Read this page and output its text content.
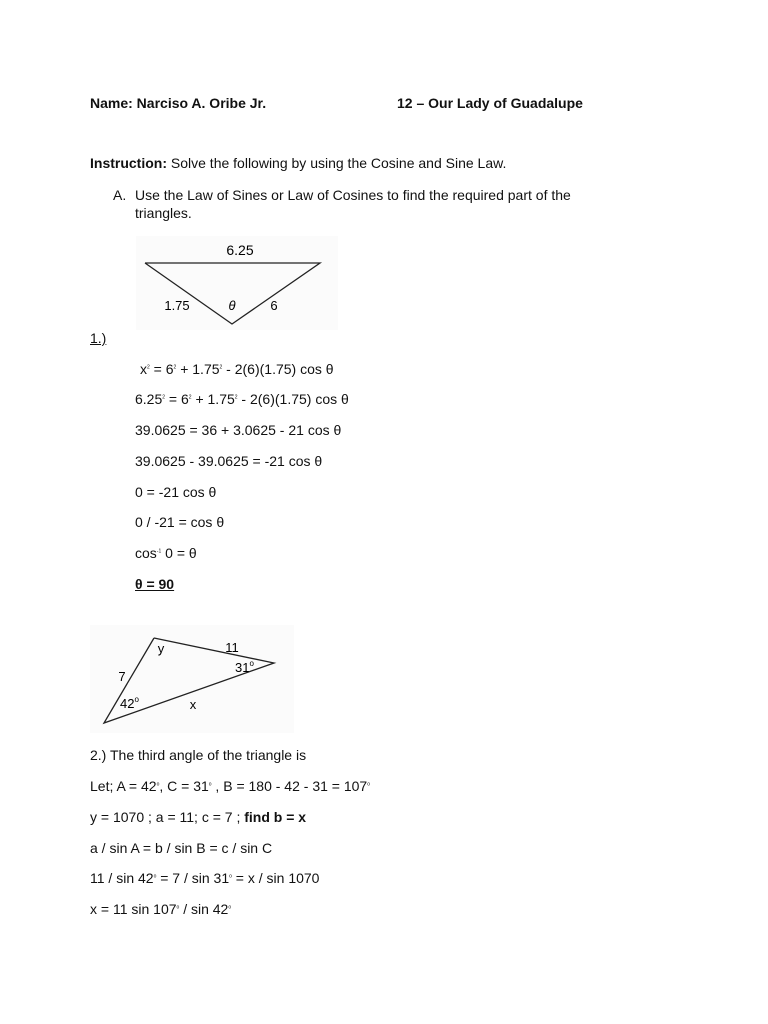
Name: Narciso A. Oribe Jr.	12 – Our Lady of Guadalupe
Instruction: Solve the following by using the Cosine and Sine Law.
A. Use the Law of Sines or Law of Cosines to find the required part of the
triangles.
6.25
1.75	θ	6
1.)
$x^2 = 6^2 + 1.75^2 - 2(6)(1.75)$ cos θ
$6.25^2 = 6^2 + 1.75^2 - 2(6)(1.75)$ cos θ
39.0625 = 36 + 3.0625 - 21 cos θ
39.0625 - 39.0625 = -21 cos θ
0 = -21 cos θ
0 / -21 = cos θ
$\cos^{-1} 0 = \theta$
θ = 90
y	11
31$^o$
7
42$^o$	x
2.) The third angle of the triangle is
Let; $A = 42^o$, $C = 31^o$ , $B = 180 - 42 - 31 = 107^o$
y = 1070 ; a = 11; c = 7 ; find b = x
a / sin A = b / sin B = c / sin C
$11 / \sin 42^o = 7 / \sin 31^o = x / \sin 1070$
x = 11 sin 107$^o$ / sin 42$^o$
